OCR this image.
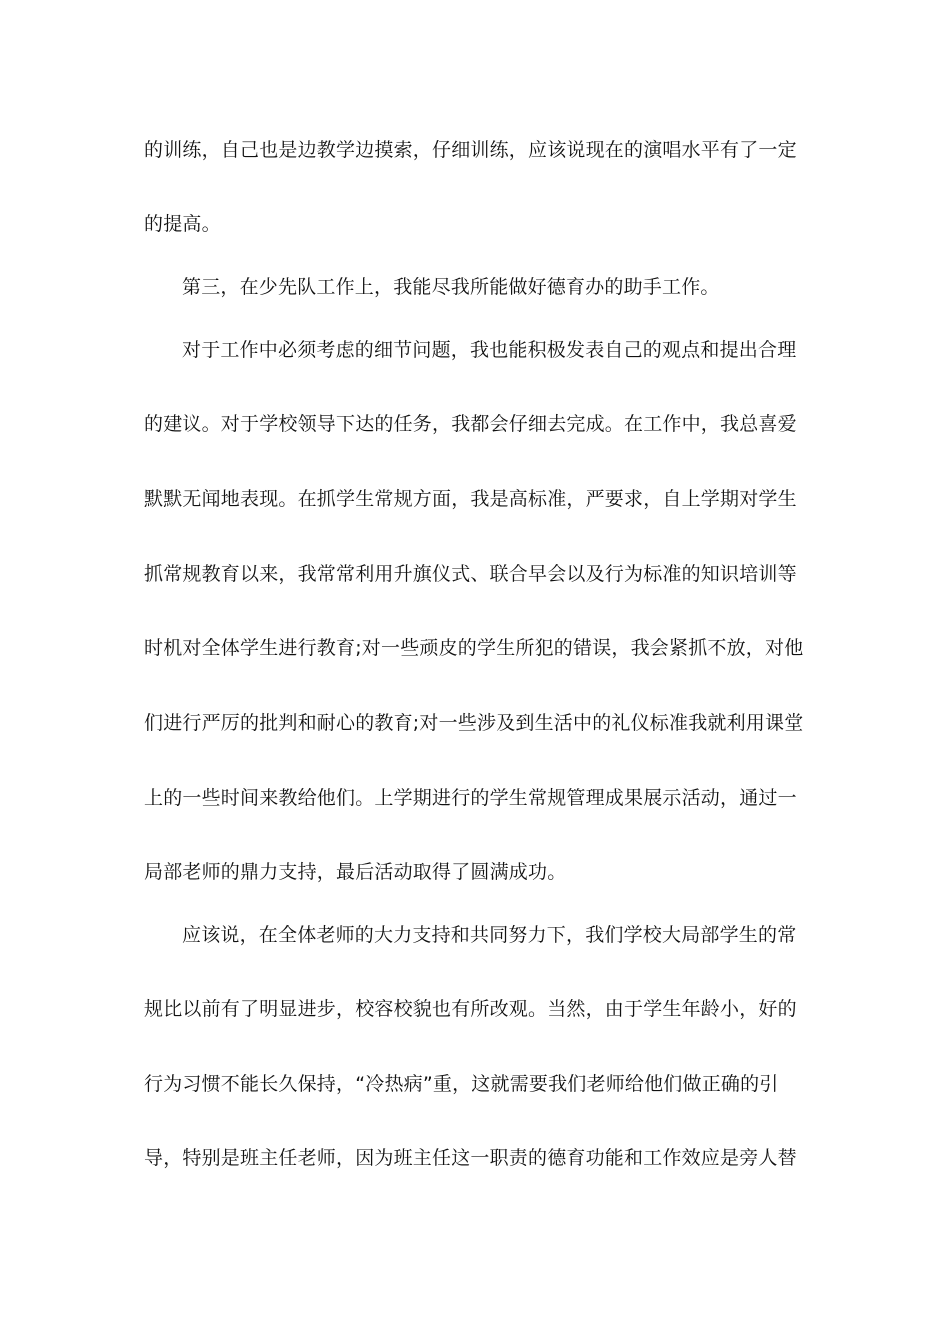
的训练，自己也是边教学边摸索，仔细训练，应该说现在的演唱水平有了一定
的提高。
第三，在少先队工作上，我能尽我所能做好德育办的助手工作。
对于工作中必须考虑的细节问题，我也能积极发表自己的观点和提出合理
的建议。对于学校领导下达的任务，我都会仔细去完成。在工作中，我总喜爱
默默无闻地表现。在抓学生常规方面，我是高标准，严要求，自上学期对学生
抓常规教育以来，我常常利用升旗仪式、联合早会以及行为标准的知识培训等
时机对全体学生进行教育;对一些顽皮的学生所犯的错误，我会紧抓不放，对他
们进行严厉的批判和耐心的教育;对一些涉及到生活中的礼仪标准我就利用课堂
上的一些时间来教给他们。上学期进行的学生常规管理成果展示活动，通过一
局部老师的鼎力支持，最后活动取得了圆满成功。
应该说，在全体老师的大力支持和共同努力下，我们学校大局部学生的常
规比以前有了明显进步，校容校貌也有所改观。当然，由于学生年龄小，好的
行为习惯不能长久保持，“冷热病”重，这就需要我们老师给他们做正确的引
导，特别是班主任老师，因为班主任这一职责的德育功能和工作效应是旁人替
